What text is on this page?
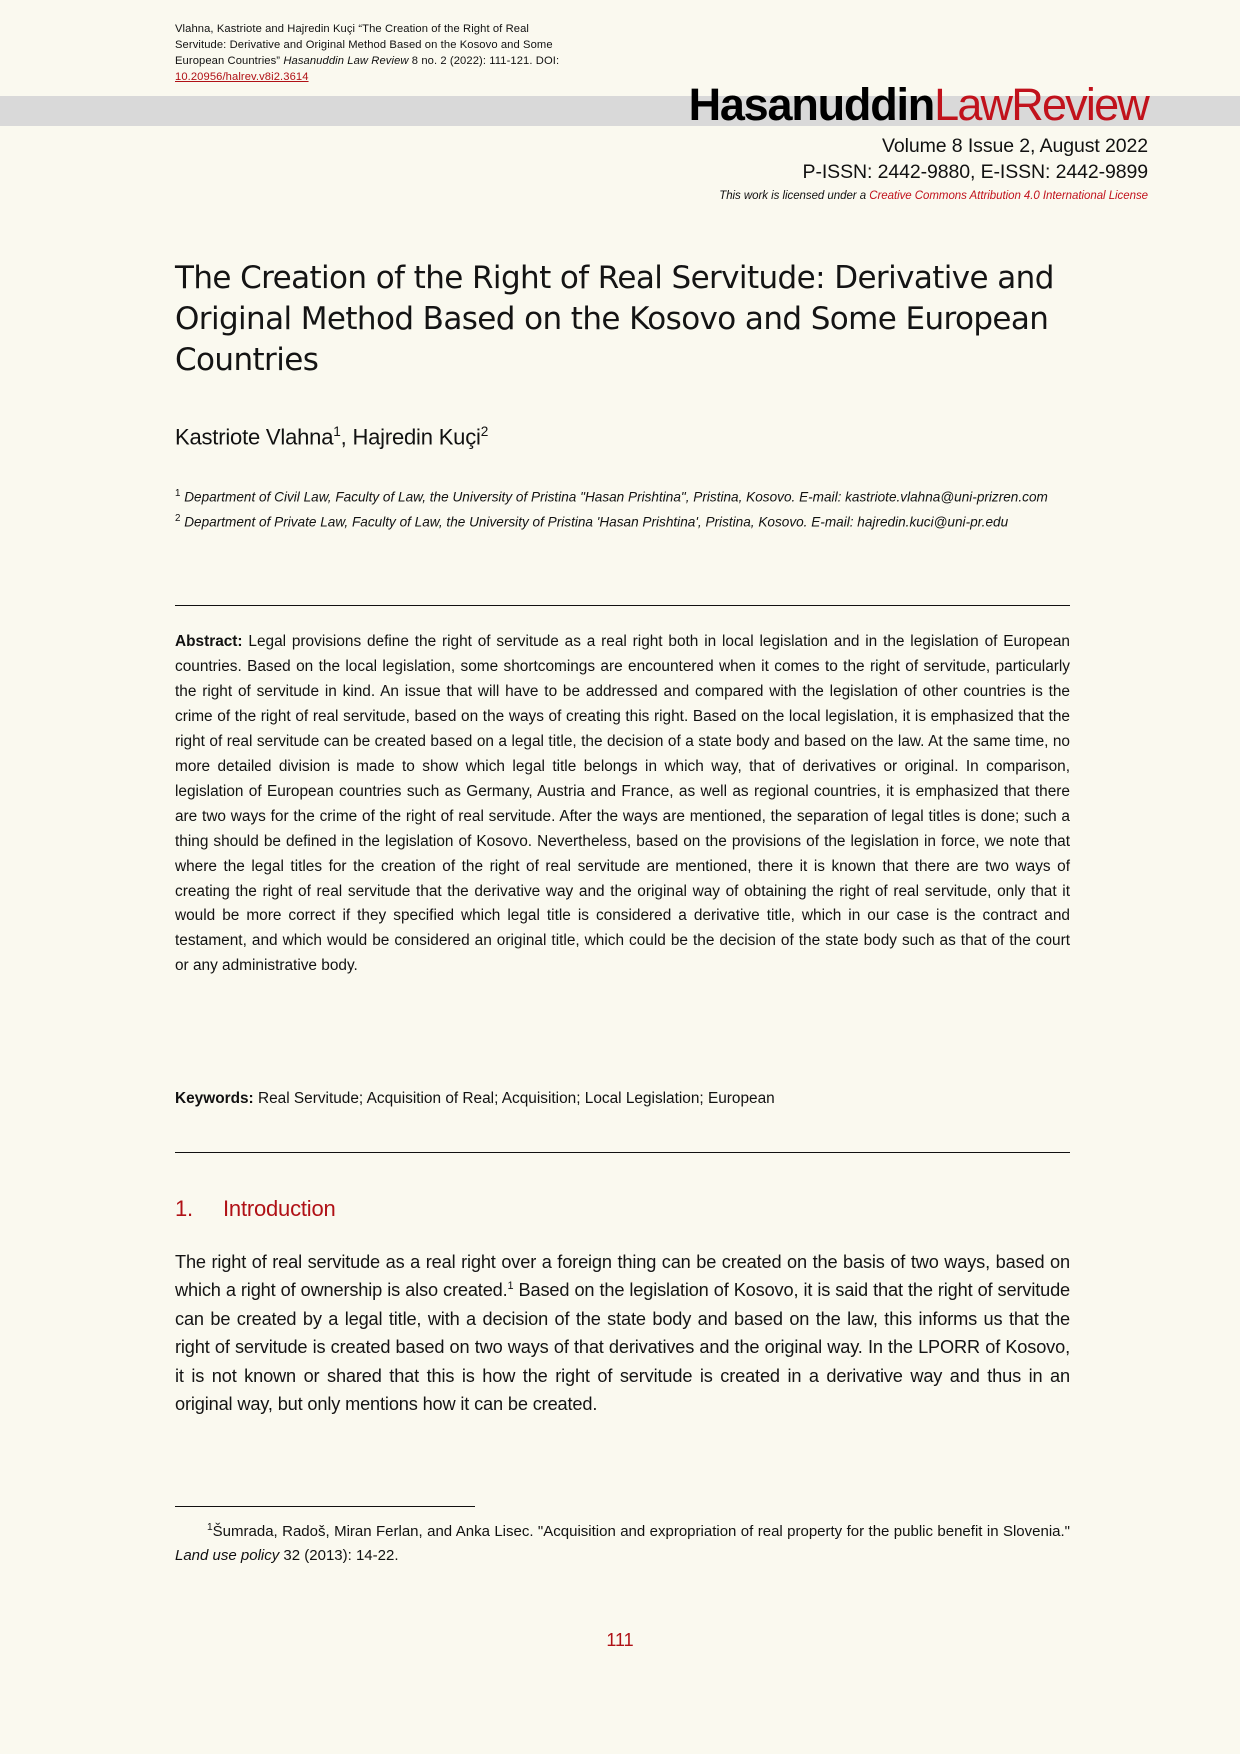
Vlahna, Kastriote and Hajredin Kuçi “The Creation of the Right of Real
Servitude: Derivative and Original Method Based on the Kosovo and Some
European Countries” Hasanuddin Law Review 8 no. 2 (2022): 111-121. DOI:
10.20956/halrev.v8i2.3614
HasanuddinLawReview
Volume 8 Issue 2, August 2022
P-ISSN: 2442-9880, E-ISSN: 2442-9899
This work is licensed under a Creative Commons Attribution 4.0 International License
The Creation of the Right of Real Servitude: Derivative and Original Method Based on the Kosovo and Some European Countries
Kastriote Vlahna$^1$, Hajredin Kuçi$^2$
$^1$ Department of Civil Law, Faculty of Law, the University of Pristina "Hasan Prishtina", Pristina, Kosovo. E-mail: kastriote.vlahna@uni-prizren.com
$^2$ Department of Private Law, Faculty of Law, the University of Pristina 'Hasan Prishtina', Pristina, Kosovo. E-mail: hajredin.kuci@uni-pr.edu
Abstract: Legal provisions define the right of servitude as a real right both in local legislation and in the legislation of European countries. Based on the local legislation, some shortcomings are encountered when it comes to the right of servitude, particularly the right of servitude in kind. An issue that will have to be addressed and compared with the legislation of other countries is the crime of the right of real servitude, based on the ways of creating this right. Based on the local legislation, it is emphasized that the right of real servitude can be created based on a legal title, the decision of a state body and based on the law. At the same time, no more detailed division is made to show which legal title belongs in which way, that of derivatives or original. In comparison, legislation of European countries such as Germany, Austria and France, as well as regional countries, it is emphasized that there are two ways for the crime of the right of real servitude. After the ways are mentioned, the separation of legal titles is done; such a thing should be defined in the legislation of Kosovo. Nevertheless, based on the provisions of the legislation in force, we note that where the legal titles for the creation of the right of real servitude are mentioned, there it is known that there are two ways of creating the right of real servitude that the derivative way and the original way of obtaining the right of real servitude, only that it would be more correct if they specified which legal title is considered a derivative title, which in our case is the contract and testament, and which would be considered an original title, which could be the decision of the state body such as that of the court or any administrative body.
Keywords: Real Servitude; Acquisition of Real; Acquisition; Local Legislation; European
1. Introduction
The right of real servitude as a real right over a foreign thing can be created on the basis of two ways, based on which a right of ownership is also created.$^1$ Based on the legislation of Kosovo, it is said that the right of servitude can be created by a legal title, with a decision of the state body and based on the law, this informs us that the right of servitude is created based on two ways of that derivatives and the original way. In the LPORR of Kosovo, it is not known or shared that this is how the right of servitude is created in a derivative way and thus in an original way, but only mentions how it can be created.
$^1$Šumrada, Radoš, Miran Ferlan, and Anka Lisec. "Acquisition and expropriation of real property for the public benefit in Slovenia." Land use policy 32 (2013): 14-22.
111
